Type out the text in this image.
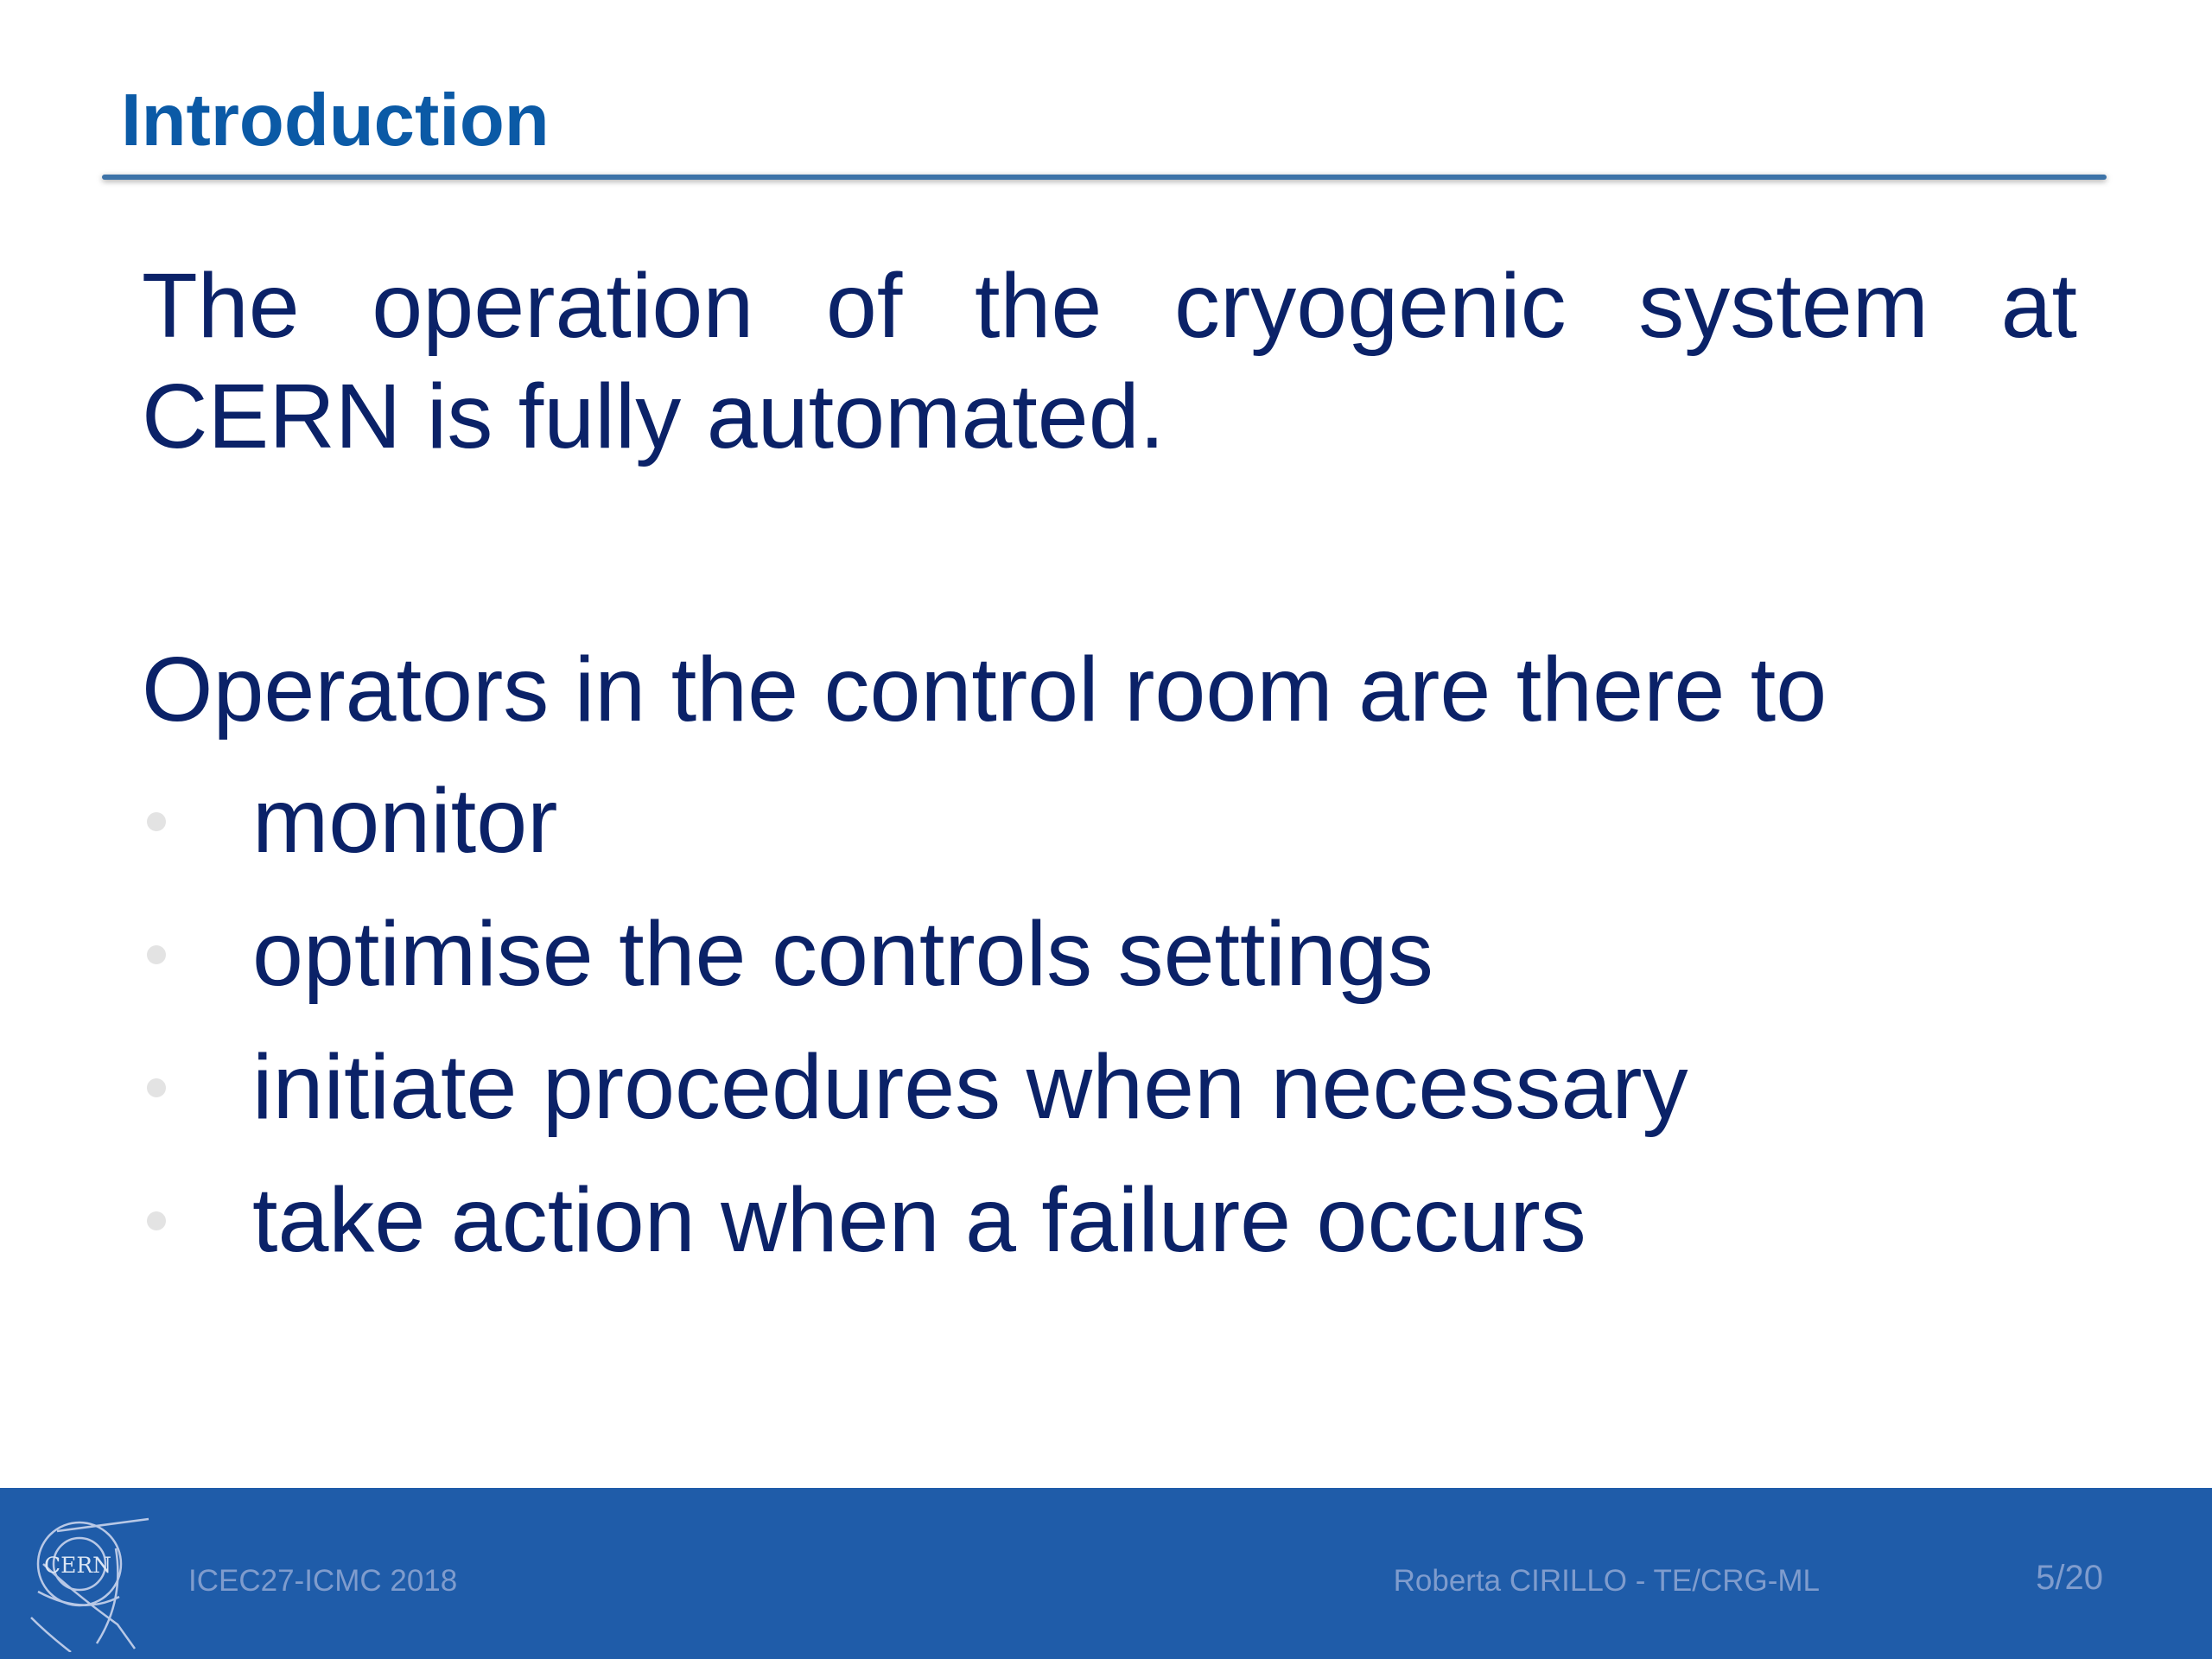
Introduction
The operation of the cryogenic system at CERN is fully automated.
Operators in the control room are there to
monitor
optimise the controls settings
initiate procedures when necessary
take action when a failure occurs
CERN	ICEC27-ICMC 2018	Roberta CIRILLO - TE/CRG-ML	5/20
